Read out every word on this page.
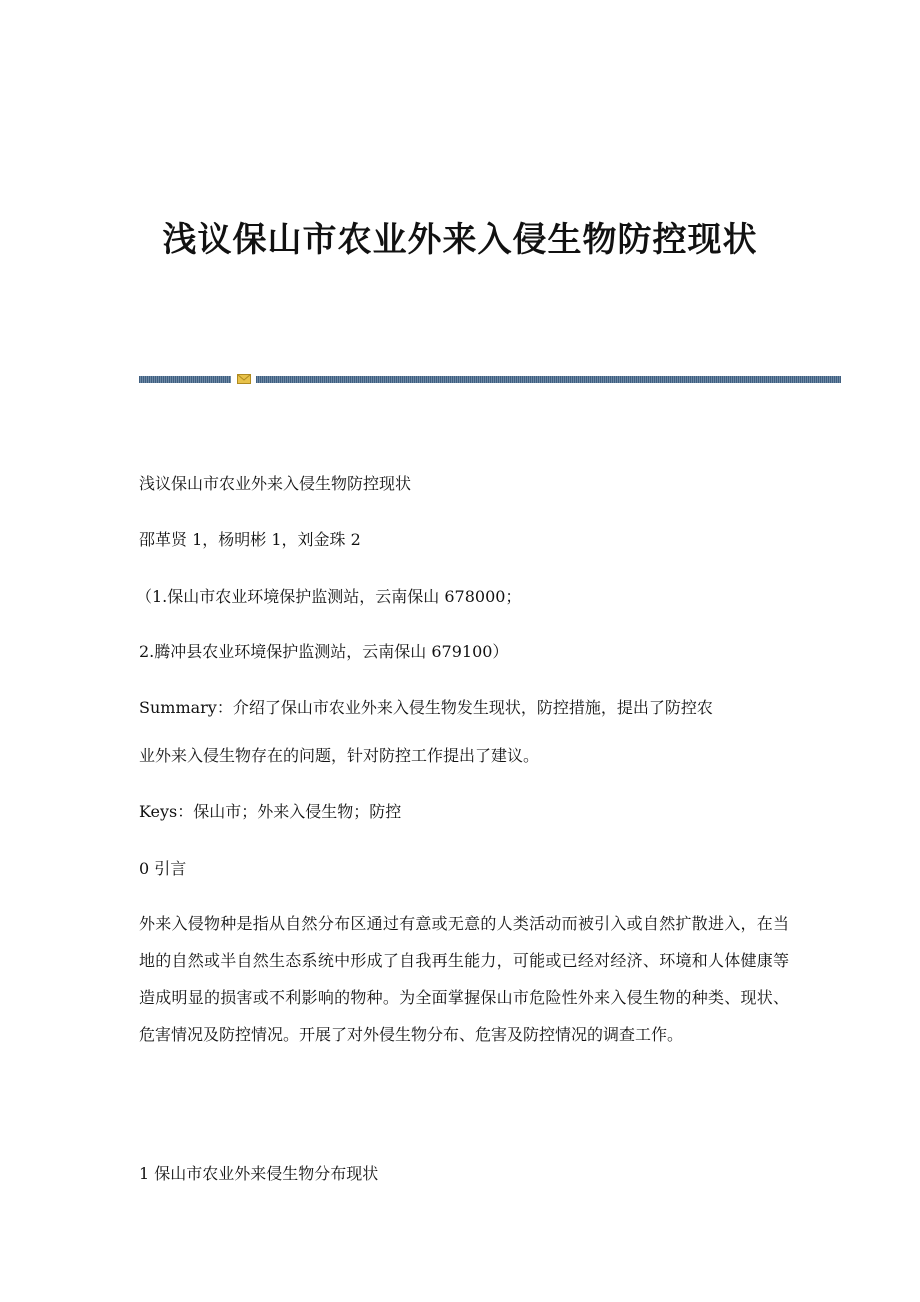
浅议保山市农业外来入侵生物防控现状

浅议保山市农业外来入侵生物防控现状

邵革贤 1，杨明彬 1，刘金珠 2

（1.保山市农业环境保护监测站，云南保山 678000；

2.腾冲县农业环境保护监测站，云南保山 679100）

Summary：介绍了保山市农业外来入侵生物发生现状，防控措施，提出了防控农

业外来入侵生物存在的问题，针对防控工作提出了建议。

Keys：保山市；外来入侵生物；防控

0 引言

外来入侵物种是指从自然分布区通过有意或无意的人类活动而被引入或自然扩散进入，在当地的自然或半自然生态系统中形成了自我再生能力，可能或已经对经济、环境和人体健康等造成明显的损害或不利影响的物种。为全面掌握保山市危险性外来入侵生物的种类、现状、危害情况及防控情况。开展了对外侵生物分布、危害及防控情况的调查工作。

1 保山市农业外来侵生物分布现状
